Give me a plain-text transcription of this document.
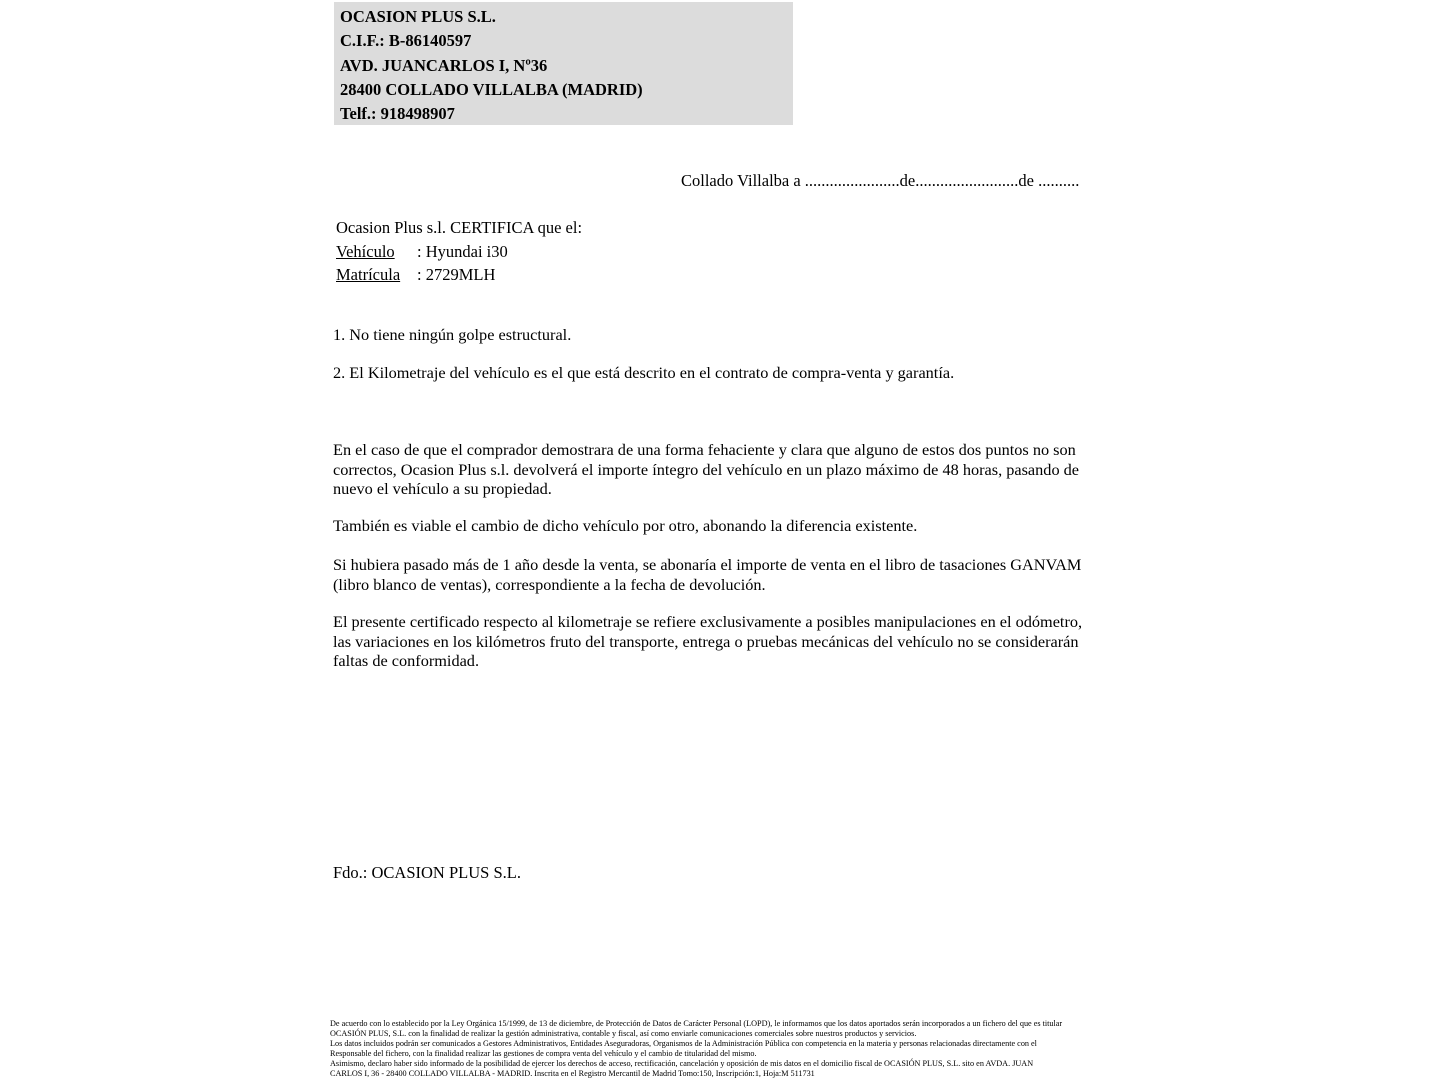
OCASION PLUS S.L.
C.I.F.: B-86140597
AVD. JUANCARLOS I, Nº36
28400 COLLADO VILLALBA (MADRID)
Telf.: 918498907
Collado Villalba a .......................de.........................de ..........
Ocasion Plus s.l. CERTIFICA que el:
Vehículo : Hyundai i30
Matrícula : 2729MLH
1. No tiene ningún golpe estructural.
2. El Kilometraje del vehículo es el que está descrito en el contrato de compra-venta y garantía.
En el caso de que el comprador demostrara de una forma fehaciente y clara que alguno de estos dos puntos no son correctos, Ocasion Plus s.l. devolverá el importe íntegro del vehículo en un plazo máximo de 48 horas, pasando de nuevo el vehículo a su propiedad.
También es viable el cambio de dicho vehículo por otro, abonando la diferencia existente.
Si hubiera pasado más de 1 año desde la venta, se abonaría el importe de venta en el libro de tasaciones GANVAM (libro blanco de ventas), correspondiente a la fecha de devolución.
El presente certificado respecto al kilometraje se refiere exclusivamente a posibles manipulaciones en el odómetro, las variaciones en los kilómetros fruto del transporte, entrega o pruebas mecánicas del vehículo no se considerarán faltas de conformidad.
Fdo.: OCASION PLUS S.L.
De acuerdo con lo establecido por la Ley Orgánica 15/1999, de 13 de diciembre, de Protección de Datos de Carácter Personal (LOPD), le informamos que los datos aportados serán incorporados a un fichero del que es titular
OCASIÓN PLUS, S.L. con la finalidad de realizar la gestión administrativa, contable y fiscal, así como enviarle comunicaciones comerciales sobre nuestros productos y servicios.
Los datos incluidos podrán ser comunicados a Gestores Administrativos, Entidades Aseguradoras, Organismos de la Administración Pública con competencia en la materia y personas relacionadas directamente con el
Responsable del fichero, con la finalidad realizar las gestiones de compra venta del vehículo y el cambio de titularidad del mismo.
Asimismo, declaro haber sido informado de la posibilidad de ejercer los derechos de acceso, rectificación, cancelación y oposición de mis datos en el domicilio fiscal de OCASIÓN PLUS, S.L. sito en AVDA. JUAN
CARLOS I, 36 - 28400 COLLADO VILLALBA - MADRID. Inscrita en el Registro Mercantil de Madrid Tomo:150, Inscripción:1, Hoja:M 511731
